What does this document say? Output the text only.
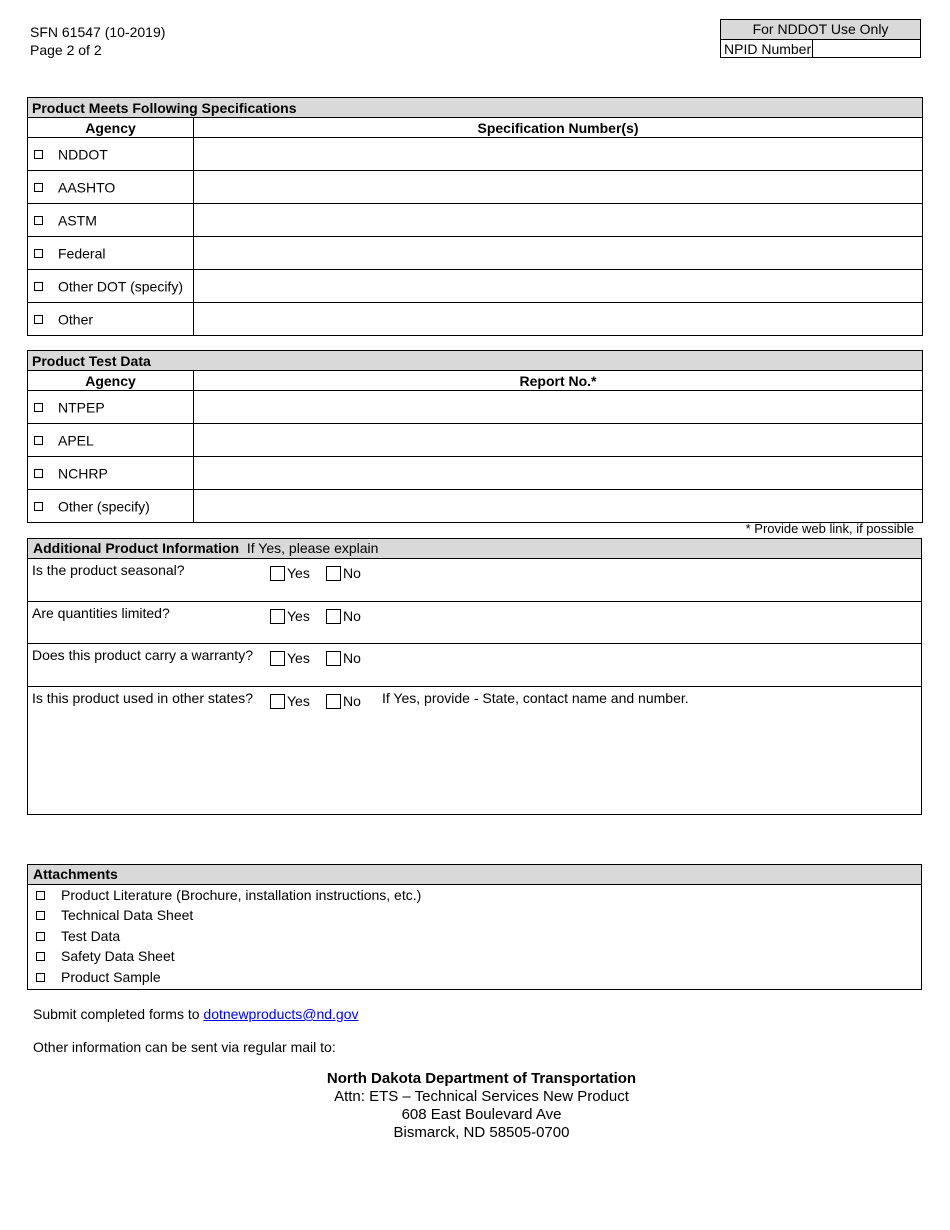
SFN 61547 (10-2019)
Page 2 of 2
For NDDOT Use Only
NPID Number
Product Meets Following Specifications	
Agency	Specification Number(s)
NDDOT	
AASHTO	
ASTM	
Federal	
Other DOT (specify)	
Other	
Product Test Data	
Agency	Report No.*
NTPEP	
APEL	
NCHRP	
Other (specify)	
* Provide web link, if possible
Additional Product Information If Yes, please explain
Is the product seasonal?	Yes No
Are quantities limited?	Yes No
Does this product carry a warranty? Yes No
Is this product used in other states? Yes No If Yes, provide - State, contact name and number.
Attachments
Product Literature (Brochure, installation instructions, etc.)
Technical Data Sheet
Test Data
Safety Data Sheet
Product Sample
Submit completed forms to dotnewproducts@nd.gov
Other information can be sent via regular mail to:
North Dakota Department of Transportation
Attn: ETS – Technical Services New Product
608 East Boulevard Ave
Bismarck, ND 58505-0700
